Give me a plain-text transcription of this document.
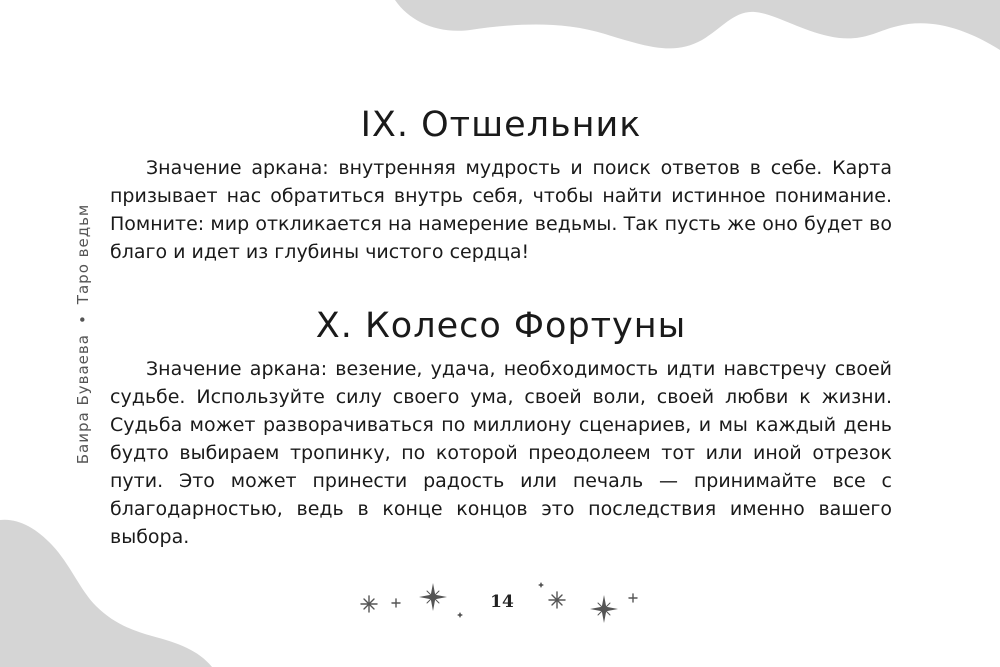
Баира Буваева•Таро ведьм
IX. Отшельник

Значение аркана: внутренняя мудрость и поиск ответов в себе. Карта призывает нас обратиться внутрь себя, чтобы найти истинное понимание. Помните: мир откликается на намерение ведьмы. Так пусть же оно будет во благо и идет из глубины чистого сердца!

X. Колесо Фортуны

Значение аркана: везение, удача, необходимость идти навстречу своей судьбе. Используйте силу своего ума, своей воли, своей любви к жизни. Судьба может разворачиваться по миллиону сценариев, и мы каждый день будто выбираем тропинку, по которой преодолеем тот или иной отрезок пути. Это может принести радость или печаль — принимайте все с благодарностью, ведь в конце концов это последствия именно вашего выбора.

14
